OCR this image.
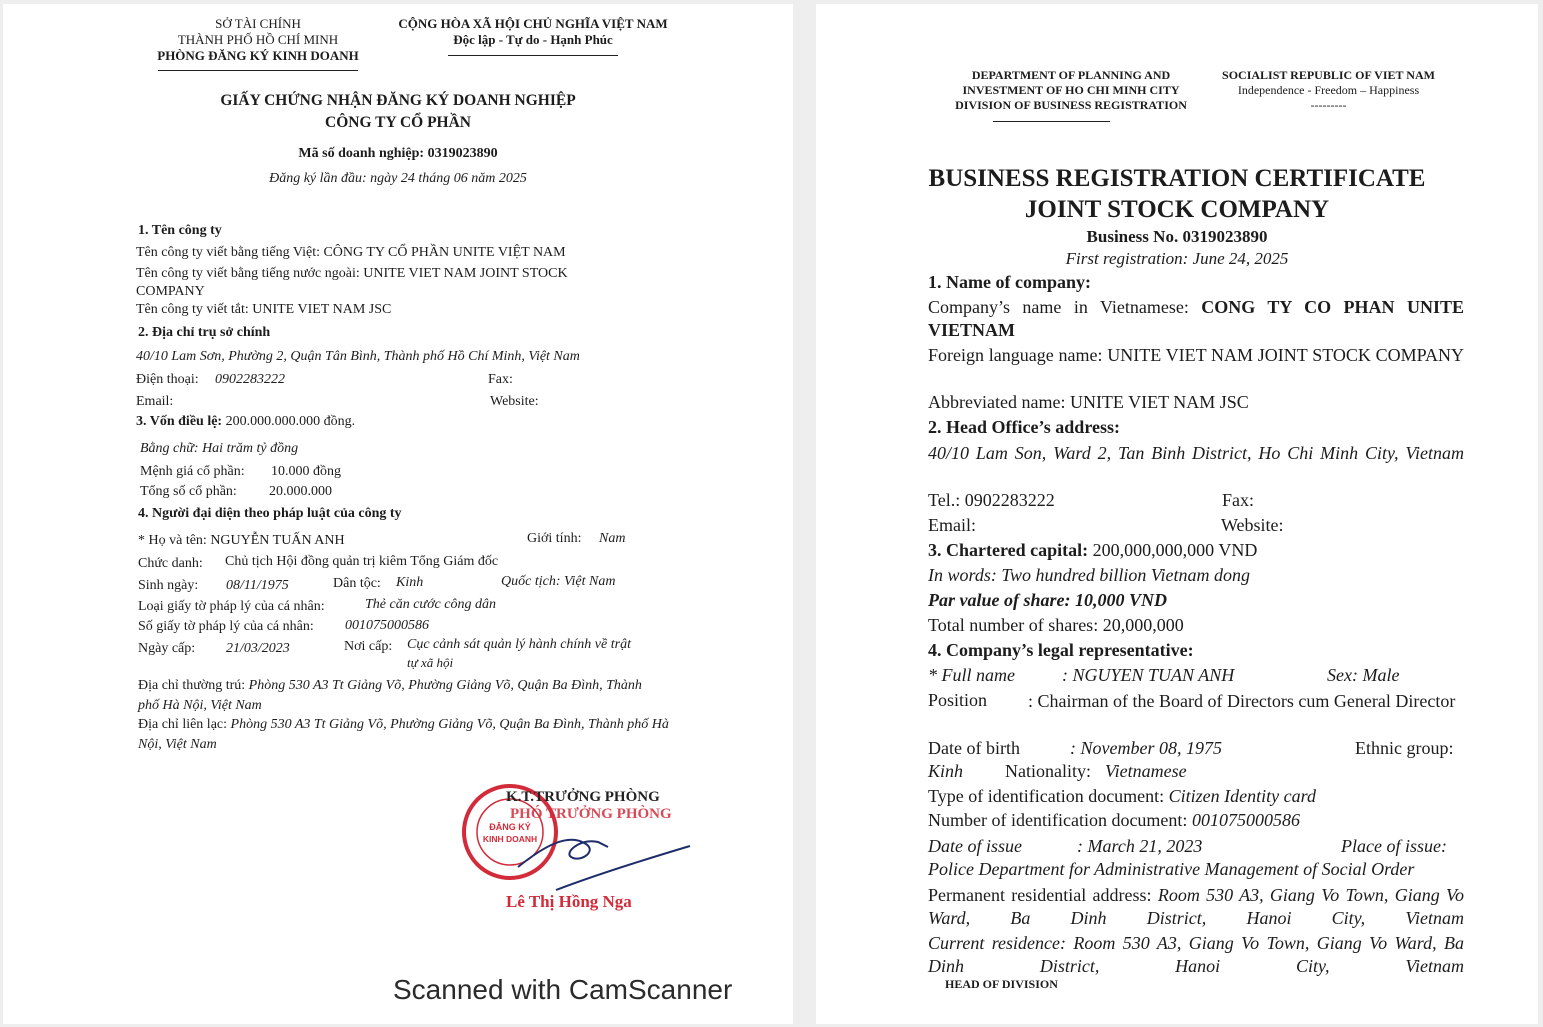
SỞ TÀI CHÍNH
THÀNH PHỐ HỒ CHÍ MINH
PHÒNG ĐĂNG KÝ KINH DOANH
CỘNG HÒA XÃ HỘI CHỦ NGHĨA VIỆT NAM
Độc lập - Tự do - Hạnh Phúc
GIẤY CHỨNG NHẬN ĐĂNG KÝ DOANH NGHIỆP
CÔNG TY CỔ PHẦN
Mã số doanh nghiệp: 0319023890
Đăng ký lần đầu: ngày 24 tháng 06 năm 2025
1. Tên công ty
Tên công ty viết bằng tiếng Việt: CÔNG TY CỔ PHẦN UNITE VIỆT NAM
Tên công ty viết bằng tiếng nước ngoài: UNITE VIET NAM JOINT STOCK COMPANY
Tên công ty viết tắt: UNITE VIET NAM JSC
2. Địa chỉ trụ sở chính
40/10 Lam Sơn, Phường 2, Quận Tân Bình, Thành phố Hồ Chí Minh, Việt Nam
Điện thoại: 0902283222	Fax:
Email:	Website:
3. Vốn điều lệ: 200.000.000.000 đồng.
Bằng chữ: Hai trăm tỷ đồng
Mệnh giá cổ phần: 10.000 đồng
Tổng số cổ phần: 20.000.000
4. Người đại diện theo pháp luật của công ty
* Họ và tên: NGUYỄN TUẤN ANH	Giới tính: Nam
Chức danh: Chủ tịch Hội đồng quản trị kiêm Tổng Giám đốc
Sinh ngày: 08/11/1975	Dân tộc: Kinh	Quốc tịch: Việt Nam
Loại giấy tờ pháp lý của cá nhân:	Thẻ căn cước công dân
Số giấy tờ pháp lý của cá nhân: 001075000586
Ngày cấp: 21/03/2023	Nơi cấp: Cục cảnh sát quản lý hành chính về trật
tự xã hội
Địa chỉ thường trú: Phòng 530 A3 Tt Giảng Võ, Phường Giảng Võ, Quận Ba Đình, Thành phố Hà Nội, Việt Nam
Địa chỉ liên lạc: Phòng 530 A3 Tt Giảng Võ, Phường Giảng Võ, Quận Ba Đình, Thành phố Hà Nội, Việt Nam
ĐĂNG KÝ
KINH DOANH
K.T.TRƯỞNG PHÒNG
PHÓ TRƯỞNG PHÒNG
Lê Thị Hồng Nga
Scanned with CamScanner
DEPARTMENT OF PLANNING AND
INVESTMENT OF HO CHI MINH CITY
DIVISION OF BUSINESS REGISTRATION
SOCIALIST REPUBLIC OF VIET NAM
Independence - Freedom – Happiness
---------
BUSINESS REGISTRATION CERTIFICATE
JOINT STOCK COMPANY
Business No. 0319023890
First registration: June 24, 2025
1. Name of company:
Company’s name in Vietnamese: CONG TY CO PHAN UNITE VIETNAM
Foreign language name: UNITE VIET NAM JOINT STOCK COMPANY
Abbreviated name: UNITE VIET NAM JSC
2. Head Office’s address:
40/10 Lam Son, Ward 2, Tan Binh District, Ho Chi Minh City, Vietnam
Tel.: 0902283222	Fax:
Email:	Website:
3. Chartered capital: 200,000,000,000 VND
In words: Two hundred billion Vietnam dong
Par value of share: 10,000 VND
Total number of shares: 20,000,000
4. Company’s legal representative:
* Full name	: NGUYEN TUAN ANH	Sex: Male
Position : Chairman of the Board of Directors cum General Director
Date of birth	: November 08, 1975	Ethnic group:
Kinh Nationality: Vietnamese
Type of identification document: Citizen Identity card
Number of identification document: 001075000586
Date of issue	: March 21, 2023	Place of issue:
Police Department for Administrative Management of Social Order
Permanent residential address: Room 530 A3, Giang Vo Town, Giang Vo Ward, Ba Dinh District, Hanoi City, Vietnam
Current residence: Room 530 A3, Giang Vo Town, Giang Vo Ward, Ba Dinh District, Hanoi City, Vietnam
HEAD OF DIVISION
